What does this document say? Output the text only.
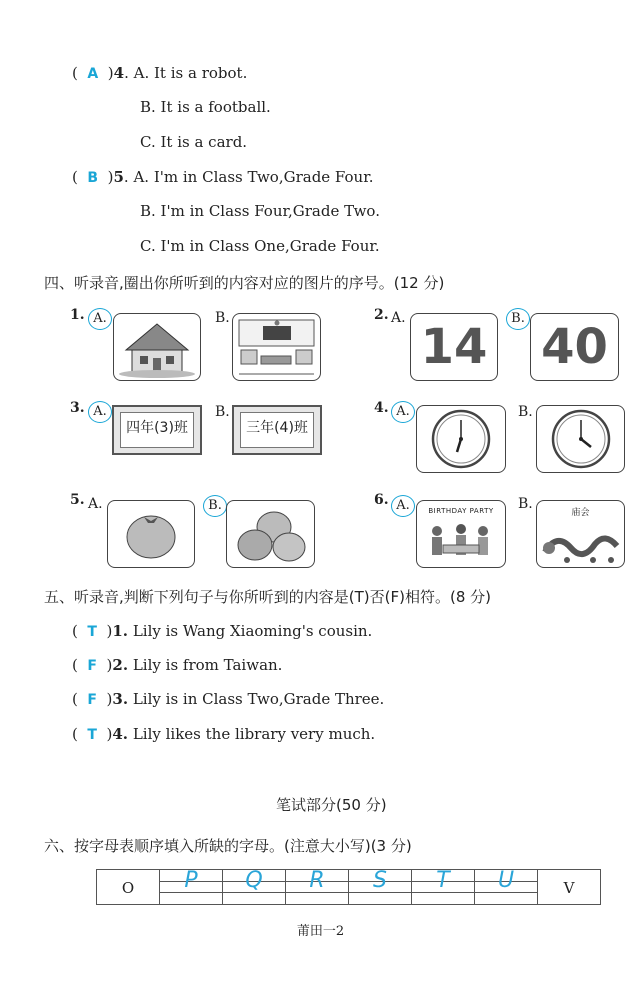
( A )4. A. It is a robot.
B. It is a football.
C. It is a card.
( B )5. A. I'm in Class Two,Grade Four.
B. I'm in Class Four,Grade Two.
C. I'm in Class One,Grade Four.
四、听录音,圈出你所听到的内容对应的图片的序号。(12 分)
1. A.	B.	2. A.
14
B.
40
3. A.
四年(3)班
B.
三年(4)班
4. A.	B.
5. A.	B.	6. A.	BIRTHDAY PARTY	B.
庙会
五、听录音,判断下列句子与你所听到的内容是(T)否(F)相符。(8 分)
( T )1. Lily is Wang Xiaoming's cousin.
( F )2. Lily is from Taiwan.
( F )3. Lily is in Class Two,Grade Three.
( T )4. Lily likes the library very much.
笔试部分(50 分)
六、按字母表顺序填入所缺的字母。(注意大小写)(3 分)
O	P	Q	R	S	T	U	V
莆田一2
